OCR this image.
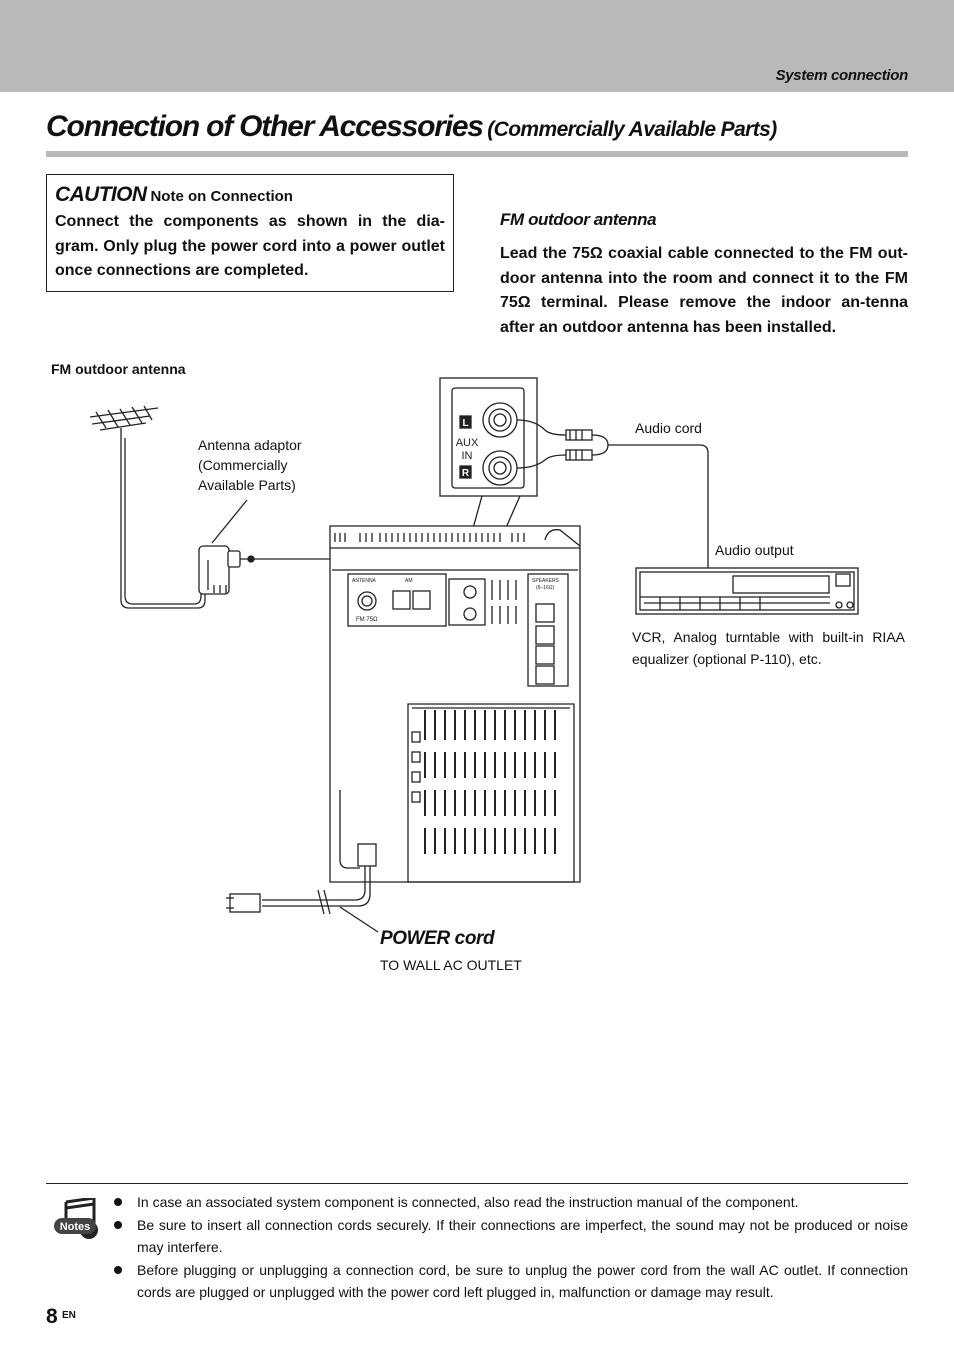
System connection
Connection of Other Accessories (Commercially Available Parts)
CAUTION Note on Connection
Connect the components as shown in the dia-gram. Only plug the power cord into a power outlet once connections are completed.
FM outdoor antenna
Lead the 75Ω coaxial cable connected to the FM out-door antenna into the room and connect it to the FM 75Ω terminal. Please remove the indoor an-tenna after an outdoor antenna has been installed.
L
AUX
IN
R
ANTENNA	AM
FM 75Ω
SPEAKERS
(6–16Ω)
FM outdoor antenna
Antenna adaptor (Commercially Available Parts)
Audio cord
Audio output
VCR, Analog turntable with built-in RIAA equalizer (optional P-110), etc.
POWER cord
TO WALL AC OUTLET
Notes
In case an associated system component is connected, also read the instruction manual of the component.
Be sure to insert all connection cords securely. If their connections are imperfect, the sound may not be produced or noise may interfere.
Before plugging or unplugging a connection cord, be sure to unplug the power cord from the wall AC outlet. If connection cords are plugged or unplugged with the power cord left plugged in, malfunction or damage may result.
8 EN
